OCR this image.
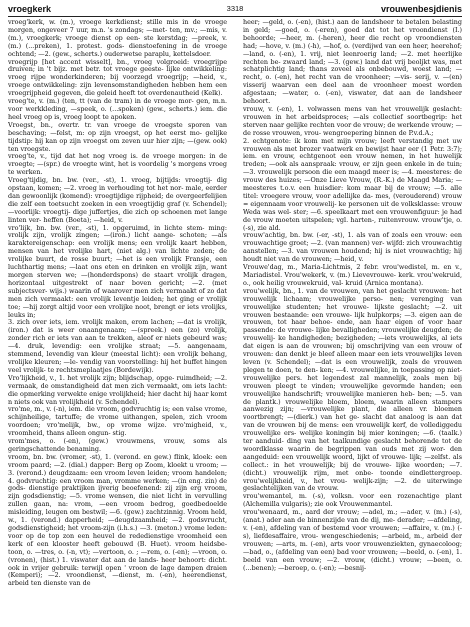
vroegkerk	3318	vrouwenbesjdienis

vroeg'kerk, w. (m.), vroege kerkdienst; stille mis in de vroege morgen, ongeveer 7 uur, m.n. 's zondags; —met- ten, mv.; —mis, v. (m.), vroegkerk; vroege dienst op een- ste kerstdag; —preek, v. (m.) (...preken), 1. protest. gods- dienstoefening in de vroege ochtend; —2. (gew., scherts.) ouderwetse paraplu, kettelsdoer.

vroegrijp [het accent wisselt], bn., vroeg volgroeid: vroegrijpe druiven; in 't bijz. met betr. tot vroege geeste- lijke ontwikkeling: vroeg rijpe wonderkinderen; bij voorzegd vroegrijp; —heid, v., vroege ontwikkeling: zijn levensomstandigheden hebben hem een vroegrijpheid gegeven, die geleid heeft tot overdenautheid (Kelk).

vroeg'te, v. (m.) (ten, tt (van de tram) in de vroege mor- gen, m.n. voor werkkleding, —speek, o. (...spoken) (gew., scherts.) iem. die heel vroeg op is, vroeg loopt te apoken.

Vroegst, bn., overtr. tr. van vroege de vroegste sporen van beschaving; —felst, m: op zijn vroegst, op het eerst mo- gelijke tijdstip: hij kan op zijn vroegst om zeven uur hier zijn; —(gew. ook) ten vroegste.

vroeg'te, v., tijd dat het nog vroeg is. de vroege morgen: in de vroegte; —(spr.) de vroegte wint, het is voordelig 's morgens vroeg te werken.

Vroeg'tijdig, bn. bw. (ver., -st), 1. vroeg, bijtijds: vroegtij- dig opstaan, komen; —2. vroeg in verhouding tot het nor- male, eerder dan gewoonlijk (komend): vroegtijdige rijpheid; de overgeerfelijien die zelf een toetsucht zoeken in een vroegtijdig graf (v. Schendel); —voorlijk: vroegtij- dige juffertjes, die zich op schoenen met lange linten ver- heffen (Boeta); —heid, v.

vro'lijk, bn. bw. (ver., -st), 1. opgeruimd, in lichte stem- ming: vrolijk zijn, vrolijk zingen; —(iron.) licht aange- schoten; —als karaktereigenschap: een vrolijk mens; een vrolijk kaart hebben, mensen van het vrolijke hart, (niet alg.) van lichte zeden; de vrolijke buurt, de rosse buurt; —het is een vrolijk Fransje, een luchthartig mens; —laat ons eten en drinken en vrolijk zijn, want morgen sterven we; —(honderdspons) de staart vrolijk dragen, horizontaal uitgestrekt of naar boven gericht; —2. (met subjectsver- wijs.) waarin of waarover men zich vermaakt of zo dat men zich vermaakt: een vrolijk leventje leiden; het ging er vrolijk toe; —hij zorgt altijd voor een vrolijke noot, brengt er iets vrolijks, leuks in;

3. zich over iets, iem. vrolijk maken, erom lachen; —dat is vrolijk, (iron.) dat is weer onaangenaam; —(spreek.) een (zo) vrolijk, zonder rich er iets van aan te trekken, aleof er niets gebeurd was; —4. druk, levendig: een vrolijke straat; —5. aangenaam, stemmend, levendig van kleur (meestal licht): een vrolijk behang, vrolijke kleuren; —le- vendig van voorstelling: hij het buffet hingen veel vrolijk- te rechtsmeplaatjes (Bordewijk).

Vro'lijkheid, v., 1. het vrolijk zijn; blijdschap, opge- ruimdheid; —2. vermaak, de omstandigheid dat men zich vermaakt, om iets lacht: die opmerking verwekte enige vrolijkheid; hier dacht hij haar komt n niets ook van vrolijkheid (v. Schendel).

vro'me, m., v. (-n), iem. die vroom, godvruchtig is; een valse vrome, schijnheilige, tartuffe; de vrome uithangen, spelen, zich vroom voordoen; vro'melijk, bw., op vrome wijze. vro'migheid, v., vroomheid, thans alleen ongun- stig.

vrom'mes, o. (-en), (gew.) vrouwmens, vrouw, soms als geringschattende benaming.

vroom, bn. bw. (vromer, -st), 1. (verond. en gew.) flink, kloek: een vroom paard; —2. (dial.) dapper: Berg op Zoom, kloekt u vroom; —3. (verond.) deugdzaam: een vroom leven leiden; vroom handelen; 4. godvruchtig: een vroom man, vromme werken; —(in eng. zin) de gods- dienstige praktijken ijverig beoefenend: zij zijn erg vroom, zijn godsdienstig; —5. vrome wensen, die niet licht in vervulling zullen gaan, na: vrom, —een vroom bedrog, goedbedoelde misleiding, leugen om bestwil; —6. (gew.) zachtzinnig. Vroom held, w., 1. (verond.) dapperheid; —deugdzaamheid; —2. godsvrucht, godsdienstigheid; het vroom-zijn (i.h.s.) —3. (meton.) vrome leden: voor op de top zon een heuvel de rededienstige vroomheid een kerk of een klooster heeft gebouwd (B. Huet). vroom heidsbe- toon, o. —tres, o. (-n, vt); —vertoon, o. ; —rem, o. (-en); —vroon, o. (vronen), (hist.) 1. viswater dat aan de lands- heer behoort: dicht. ook in vrijer gebruik: terwijl open ' vroon de lage dampen draien (Kemperi); —2. vroondienst, —dienst, m. (-en), heerendienst, arbeid ten dienste van de

heer; —geld, o. (-en), (hist.) aan de landsheer te betalen belasting in geld; —goed, o. (-eren), goed dat tot het vroondienst (I.) behoorde; —heer, m. (-heren), heer die recht op vroondiensten had; —hove, v. (m.) (-h), —hof, o. (verdijwd van een heer, heerehof; —land, o. (-en), 1. vrij, niet leenroerig land; —2. met heerlijke rechten be- zwaard land; —3. (gew.) land dat vrij beoljkt was, met schatplichtig land; thans zoveel als onbebouwd, woest land; —recht, o. (-en), het recht van de vroonheer; —vis- serij, v. —(en) visserij waarvan een deel aan de vroonheer moest worden afgestaan; —water, o. (-en), viswater, dat aan de landsheer behoort.

vrouw, v. (-en), 1. volwassen mens van het vrouwelijk geslacht: vrouwen in het arbeidsproces; —als collectief soortbegrip: het sterven naar gelijke rechten voor de vrouw; de werkende vrouw; —de rosse vrouwen, vrou- wengroepering binnen de P.v.d.A.;

2. echtgenote: ik kom met mijn vrouw; leeft verstandig met uw vrouwen als met brozer vaatwerk en bewijst haar eer (1 Petr. 3:7); iem. en vrouw, echtgenoot een vrouw nemen, in het huwelijk treden; —ook als aanspraak: vrouw, er zijn geen enkele in de tuin; —3. vrouwelijk persoon die een maagd meer is; —4. meesteres: de vrouw des huizes; —Onze Lieve Vrouw, (R.-K.) de Maagd Maria; —meesteres t.o.v. een huisdier: kom maar bij de vrouw; —5. alle titel: vroegere vrouw, voor adellijke da- mes, (verouderend) vrouw = eigennaam voor vrouwelij- ke personen uit de volksklasse: vrouw Weda was wel- ster; —6. speelkaart met een vrouwenfiguur: je had de vrouw moeten uitspelen; vgl. harten-, ruitenvrouw. vrouw'tje, o. (-s), zie ald.

vrouw'achtig, bn. bw. (-er, -st), 1. als van of zoals een vrouw: een vrouwachtige groet; —2. (van mannen) ver- wijfd: zich vrouwachtig aanstellen; —3. van vrouwen houdend; hij is niet vrouwachtig; hij houdt niet van de vrouwen; —heid, v.

Vrouwe'dag, m., Maria-Lichtmis, 2 febr. vrou'wedistel, m. en v., Mariadistel. Vrou'wekerk, v. (m.) Lievevrouwe- kerk. vrou'wekruid, o., ook heilig vrouwekruid, val- kruid (Arnica montana).

vrou'welijk, bn., 1. van de vrouwen, van het geslacht vrouwen: het vrouwelijk lichaam; vrouwelijke perso- nen; verenging van vrouwelijke studenten; het vrouwe- lijkste geslacht; —2. uit vrouwen bestaande: een vrouwe- lijk hulpkorps; —3. eigen aan de vrouwen, tot haar behoe- ende, aan haar eigen of voor haar passende: de vrouwe- lijke bevalligheden; vrouwelijke deugden; de vrouwelij- ke handigheden; bezigheden; —iets vrouwelijks, al iets dat eigen is aan de vrouwen; bij omschrijving van een vrouw of vrouwen: dan denkt je bleef alleen maar een iets vrouwelijks leven leven (v. Schendel); —dat is een vrouwelijk, zoals de vrouwen plegen te doen, te den- ken; —4. vrouwelijke, in toepassing op niet-vrouwelijke pers. het legendest zal mannelijk, zoals men bij vrouwen pleegt te vinden; vrouwelijke gevormde handen; een vrouwelijke handschrift; vrouwelijke manieren heb- ben; —5. van de plantk.) vrouwelijke bloem, bloem, waarin alleen stampers aanwezig zijn; —vrouwelijke plant, die alleen vr. bloemen voortbrengt; —(dierk.) van het ge- slacht dat analoog is aan dat van de vrouwen bij de mens: een vrouwelijk kerf, de vollediggedu vrouwelijke ers- welijke koningin bij mier koningen; —6. (taalk.) ter aanduid- ding van het taalkundige geslacht behorende tot de woordklasse waarin de begrippen van ouds met zij wor- den aangeduid: een vrouwelijk woord, lijkt of vrouwe- lijk; —zelfst. als collect.: in het vrouwelijk; bij de vrouwe- lijke woorden; —7. (dicht.) vrouwelijk rijm, met onbe- toonde eindlettergroep. vrou'welijkheid, v., het vrou- welijk-zijn; —2. de uiterwinge geslachtelijken van de vrouw.

vrou'wemantel, m. (-s), volksn. voor een rozenachtige plant (Alchemilla vulgaris); zie ook Vrouwenmantel.

vrou'wenaard, m., aard der vrouw; —adel, m.; —ader, v. (m.) (-s), (anat.) ader aan de binnenzijde van de dij, me- derader; —afdeling, v. (-en), afdeling van of bestemd voor vrouwen; —affaire, v. (m.) (-s), liefdesaffaire, vrou- wengeschiedenis; —arbeid, m., arbeid der vrouwen; —arts, m. (-en), arts voor vrouwenziekten, gynaecoloog; —bad, o., (afdeling van een) bad voor vrouwen; —beeld, o. (-en), 1. beeld van een vrouw; —2. vrouw, (dicht.) vrouw; —been, o. (...benen); —beroep, o. (-en); —besnij-
